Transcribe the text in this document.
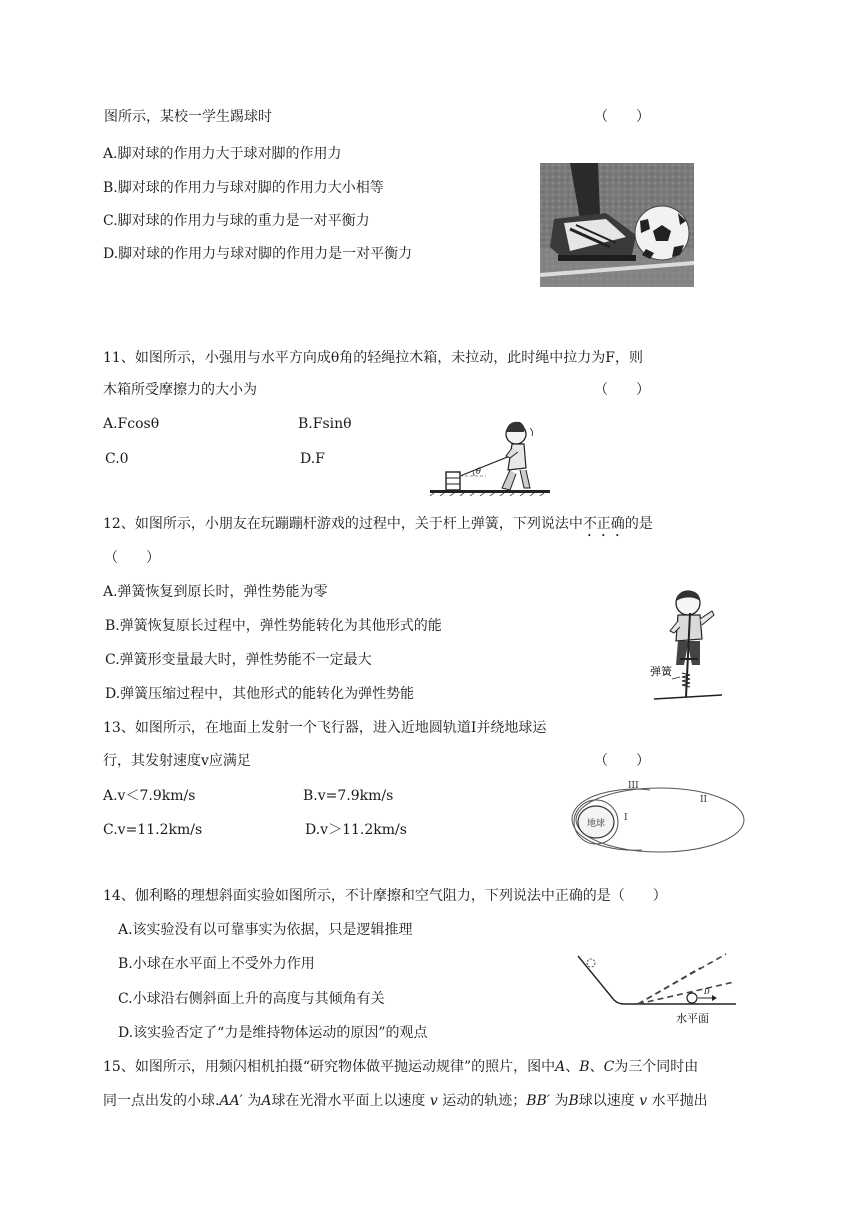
图所示，某校一学生踢球时	（　　）
A.脚对球的作用力大于球对脚的作用力
B.脚对球的作用力与球对脚的作用力大小相等
C.脚对球的作用力与球的重力是一对平衡力
D.脚对球的作用力与球对脚的作用力是一对平衡力
11、如图所示，小强用与水平方向成θ角的轻绳拉木箱，未拉动，此时绳中拉力为F，则
木箱所受摩擦力的大小为	（　　）
A.Fcosθ	B.Fsinθ
C.0	D.F
θ
12、如图所示，小朋友在玩蹦蹦杆游戏的过程中，关于杆上弹簧，下列说法中不正确的是
（　　）
A.弹簧恢复到原长时，弹性势能为零
B.弹簧恢复原长过程中，弹性势能转化为其他形式的能
C.弹簧形变量最大时，弹性势能不一定最大
D.弹簧压缩过程中，其他形式的能转化为弹性势能
弹簧
13、如图所示，在地面上发射一个飞行器，进入近地圆轨道Ⅰ并绕地球运
行，其发射速度v应满足	（　　）
A.v＜7.9km/s	B.v=7.9km/s
C.v=11.2km/s	D.v＞11.2km/s	地球
I
II
III
14、伽利略的理想斜面实验如图所示，不计摩擦和空气阻力，下列说法中正确的是（　　）
A.该实验没有以可靠事实为依据，只是逻辑推理
B.小球在水平面上不受外力作用
C.小球沿右侧斜面上升的高度与其倾角有关
D.该实验否定了“力是维持物体运动的原因”的观点
D
水平面
15、如图所示，用频闪相机拍摄“研究物体做平抛运动规律”的照片，图中A、B、C为三个同时由
同一点出发的小球.AA′ 为A球在光滑水平面上以速度 v 运动的轨迹；BB′ 为B球以速度 v 水平抛出
